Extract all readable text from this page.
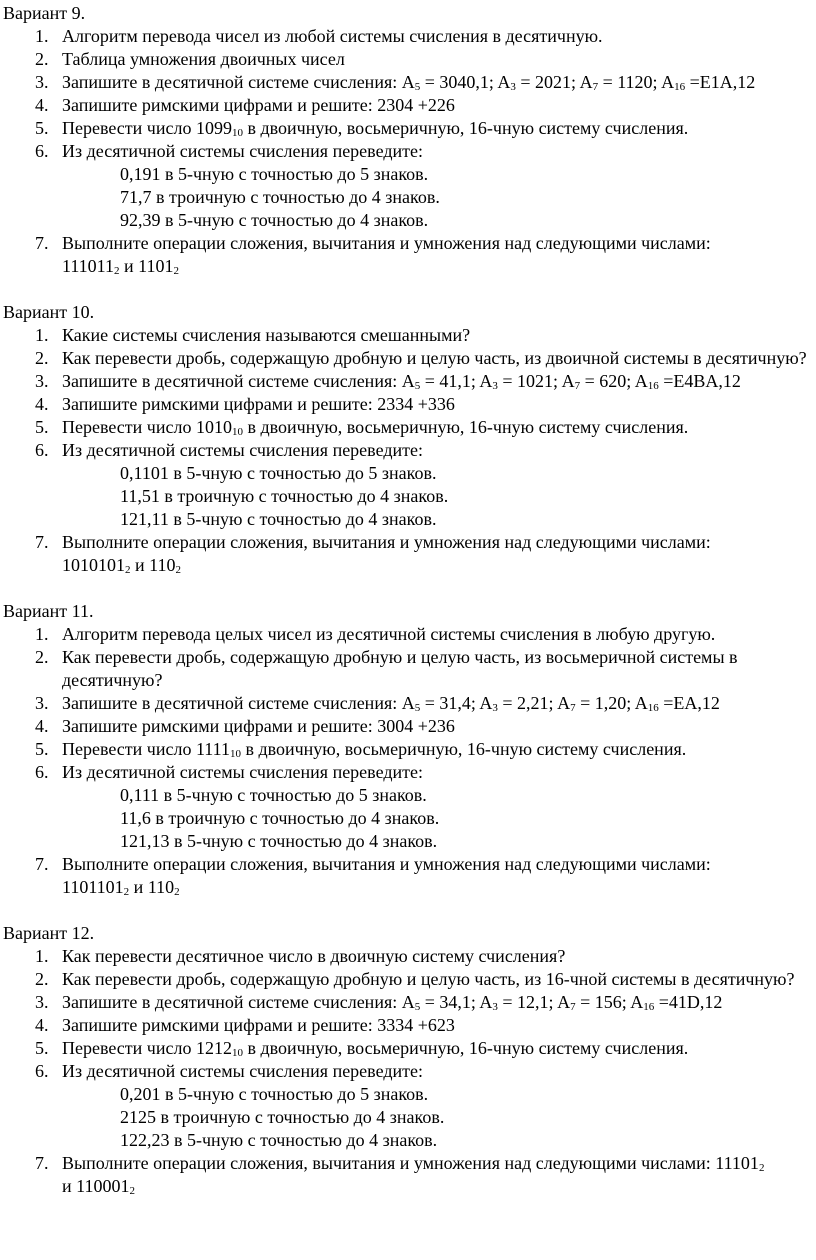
Вариант 9.
1. Алгоритм перевода чисел из любой системы счисления в десятичную.
2. Таблица умножения двоичных чисел
3. Запишите в десятичной системе счисления: $A_5 = 3040,1$; $A_3 = 2021$; $A_7 = 1120$; $A_{16} =E1A,12$
4. Запишите римскими цифрами и решите: 2304 +226
5. Перевести число $1099_{10}$ в двоичную, восьмеричную, 16-чную систему счисления.
6. Из десятичной системы счисления переведите:
0,191 в 5-чную с точностью до 5 знаков.
71,7 в троичную с точностью до 4 знаков.
92,39 в 5-чную с точностью до 4 знаков.
7. Выполните операции сложения, вычитания и умножения над следующими числами:
$111011_2$ и $1101_2$
Вариант 10.
1. Какие системы счисления называются смешанными?
2. Как перевести дробь, содержащую дробную и целую часть, из двоичной системы в десятичную?
3. Запишите в десятичной системе счисления: $A_5 = 41,1$; $A_3 = 1021$; $A_7 = 620$; $A_{16} =E4BA,12$
4. Запишите римскими цифрами и решите: 2334 +336
5. Перевести число $1010_{10}$ в двоичную, восьмеричную, 16-чную систему счисления.
6. Из десятичной системы счисления переведите:
0,1101 в 5-чную с точностью до 5 знаков.
11,51 в троичную с точностью до 4 знаков.
121,11 в 5-чную с точностью до 4 знаков.
7. Выполните операции сложения, вычитания и умножения над следующими числами:
$1010101_2$ и $110_2$
Вариант 11.
1. Алгоритм перевода целых чисел из десятичной системы счисления в любую другую.
2. Как перевести дробь, содержащую дробную и целую часть, из восьмеричной системы в десятичную?
3. Запишите в десятичной системе счисления: $A_5 = 31,4$; $A_3 = 2,21$; $A_7 = 1,20$; $A_{16} =EA,12$
4. Запишите римскими цифрами и решите: 3004 +236
5. Перевести число $1111_{10}$ в двоичную, восьмеричную, 16-чную систему счисления.
6. Из десятичной системы счисления переведите:
0,111 в 5-чную с точностью до 5 знаков.
11,6 в троичную с точностью до 4 знаков.
121,13 в 5-чную с точностью до 4 знаков.
7. Выполните операции сложения, вычитания и умножения над следующими числами:
$1101101_2$ и $110_2$
Вариант 12.
1. Как перевести десятичное число в двоичную систему счисления?
2. Как перевести дробь, содержащую дробную и целую часть, из 16-чной системы в десятичную?
3. Запишите в десятичной системе счисления: $A_5 = 34,1$; $A_3 = 12,1$; $A_7 = 156$; $A_{16} =41D,12$
4. Запишите римскими цифрами и решите: 3334 +623
5. Перевести число $1212_{10}$ в двоичную, восьмеричную, 16-чную систему счисления.
6. Из десятичной системы счисления переведите:
0,201 в 5-чную с точностью до 5 знаков.
2125 в троичную с точностью до 4 знаков.
122,23 в 5-чную с точностью до 4 знаков.
7. Выполните операции сложения, вычитания и умножения над следующими числами: $11101_2$
и $110001_2$
